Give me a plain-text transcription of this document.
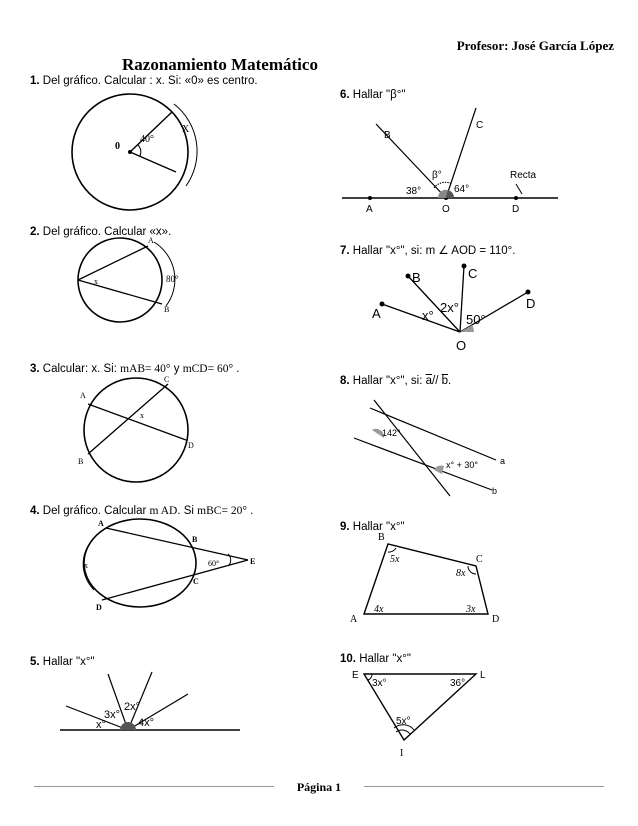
Profesor: José García López
Razonamiento Matemático
1. Del gráfico. Calcular : x. Si: «0» es centro.
40°
0
X
2. Del gráfico. Calcular «x».
A
B
x	80°
3. Calcular: x. Si: mAB= 40° y mCD= 60° .
C
A
B
D
x
4. Del gráfico. Calcular m AD. Si mBC= 20° .
A
B
C
D
E
x	60°
5. Hallar "x°"
x°
3x°
2x°
4x°
6. Hallar "β°"
A	O	D
B
C
β°
38°	64°
Recta
7. Hallar "x°", si: m ∠ AOD = 110°.
A
B	C
D
O
x°
2x°
50°
8. Hallar "x°", si: $\overline{a}//$ $\overline{b}$.
142°
x° + 30° a
b
9. Hallar "x°"
A
B
C
D
5x
8x
4x	3x
10. Hallar "x°"
E	L
I
3x°	36°
5x°
Página 1
